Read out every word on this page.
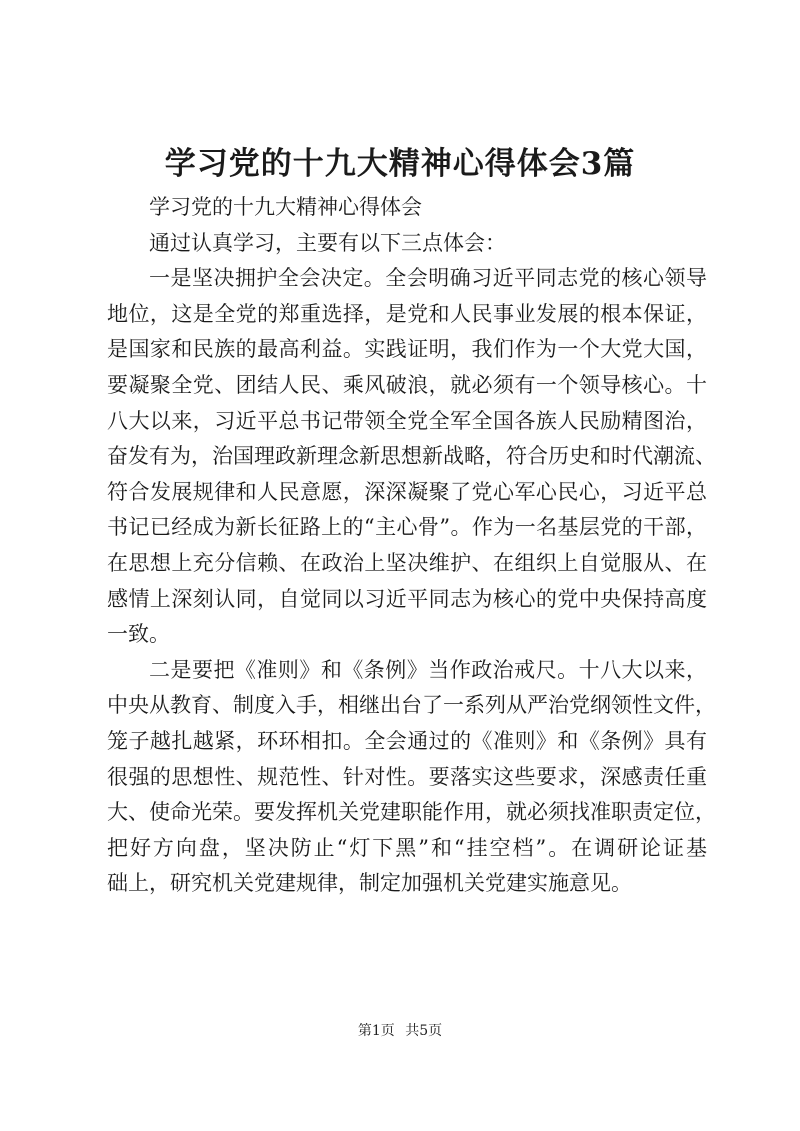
学习党的十九大精神心得体会3篇

学习党的十九大精神心得体会

通过认真学习，主要有以下三点体会：

一是坚决拥护全会决定。全会明确习近平同志党的核心领导

地位，这是全党的郑重选择，是党和人民事业发展的根本保证，

是国家和民族的最高利益。实践证明，我们作为一个大党大国，

要凝聚全党、团结人民、乘风破浪，就必须有一个领导核心。十

八大以来，习近平总书记带领全党全军全国各族人民励精图治，

奋发有为，治国理政新理念新思想新战略，符合历史和时代潮流、

符合发展规律和人民意愿，深深凝聚了党心军心民心，习近平总

书记已经成为新长征路上的“主心骨”。作为一名基层党的干部，

在思想上充分信赖、在政治上坚决维护、在组织上自觉服从、在

感情上深刻认同，自觉同以习近平同志为核心的党中央保持高度

一致。

二是要把《准则》和《条例》当作政治戒尺。十八大以来，

中央从教育、制度入手，相继出台了一系列从严治党纲领性文件，

笼子越扎越紧，环环相扣。全会通过的《准则》和《条例》具有

很强的思想性、规范性、针对性。要落实这些要求，深感责任重

大、使命光荣。要发挥机关党建职能作用，就必须找准职责定位，

把好方向盘，坚决防止“灯下黑”和“挂空档”。在调研论证基

础上，研究机关党建规律，制定加强机关党建实施意见。

第1页 共5页
